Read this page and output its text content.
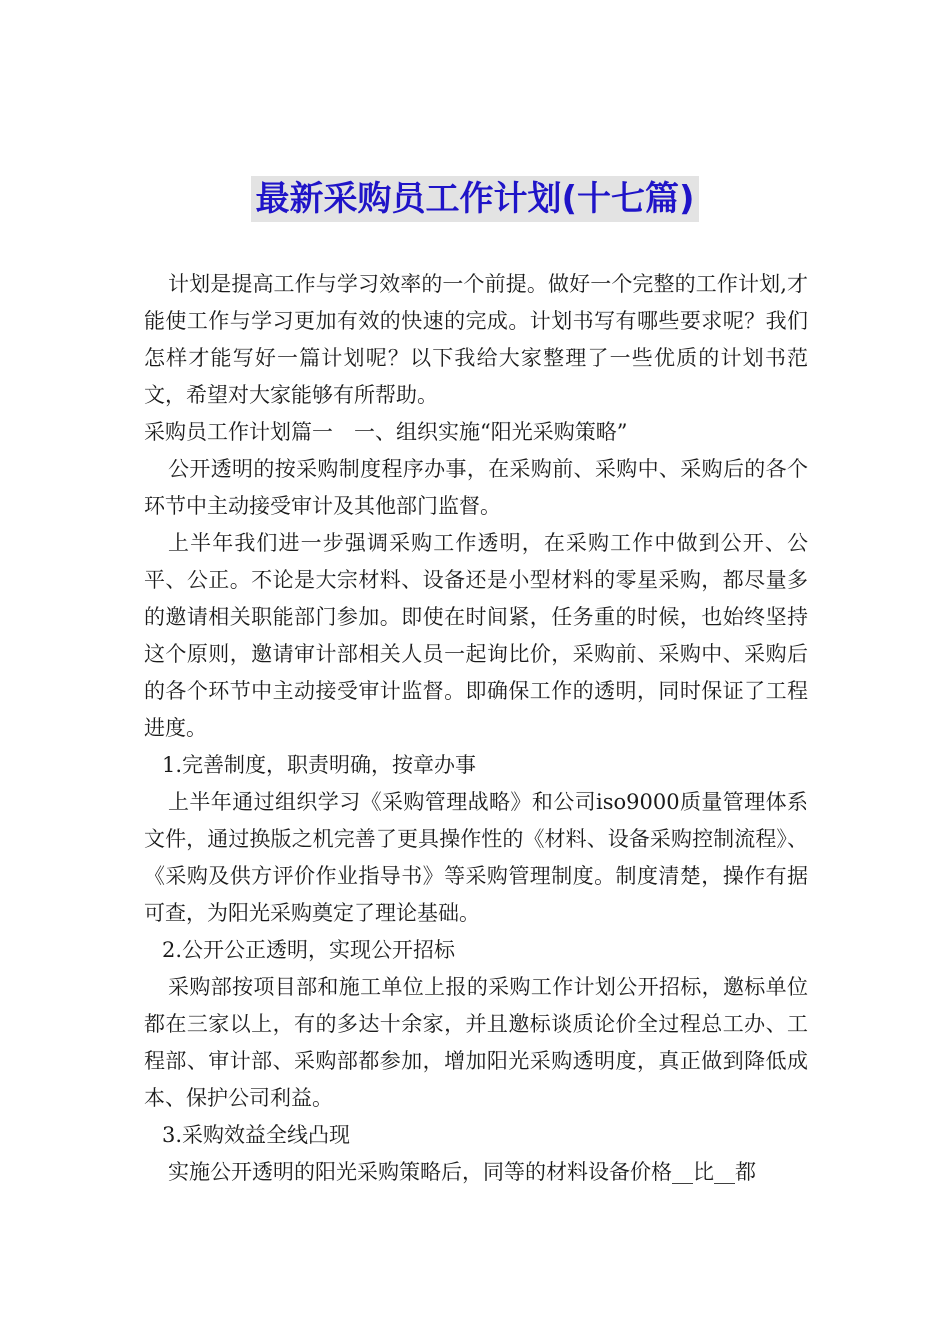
最新采购员工作计划(十七篇)

计划是提高工作与学习效率的一个前提。做好一个完整的工作计划,才能使工作与学习更加有效的快速的完成。计划书写有哪些要求呢？我们怎样才能写好一篇计划呢？以下我给大家整理了一些优质的计划书范文，希望对大家能够有所帮助。

采购员工作计划篇一　一、组织实施“阳光采购策略”

公开透明的按采购制度程序办事，在采购前、采购中、采购后的各个环节中主动接受审计及其他部门监督。

上半年我们进一步强调采购工作透明，在采购工作中做到公开、公平、公正。不论是大宗材料、设备还是小型材料的零星采购，都尽量多的邀请相关职能部门参加。即使在时间紧，任务重的时候，也始终坚持这个原则，邀请审计部相关人员一起询比价，采购前、采购中、采购后的各个环节中主动接受审计监督。即确保工作的透明，同时保证了工程进度。

1.完善制度，职责明确，按章办事

上半年通过组织学习《采购管理战略》和公司iso9000质量管理体系文件，通过换版之机完善了更具操作性的《材料、设备采购控制流程》、《采购及供方评价作业指导书》等采购管理制度。制度清楚，操作有据可查，为阳光采购奠定了理论基础。

2.公开公正透明，实现公开招标

采购部按项目部和施工单位上报的采购工作计划公开招标，邀标单位都在三家以上，有的多达十余家，并且邀标谈质论价全过程总工办、工程部、审计部、采购部都参加，增加阳光采购透明度，真正做到降低成本、保护公司利益。

3.采购效益全线凸现

实施公开透明的阳光采购策略后，同等的材料设备价格__比__都
